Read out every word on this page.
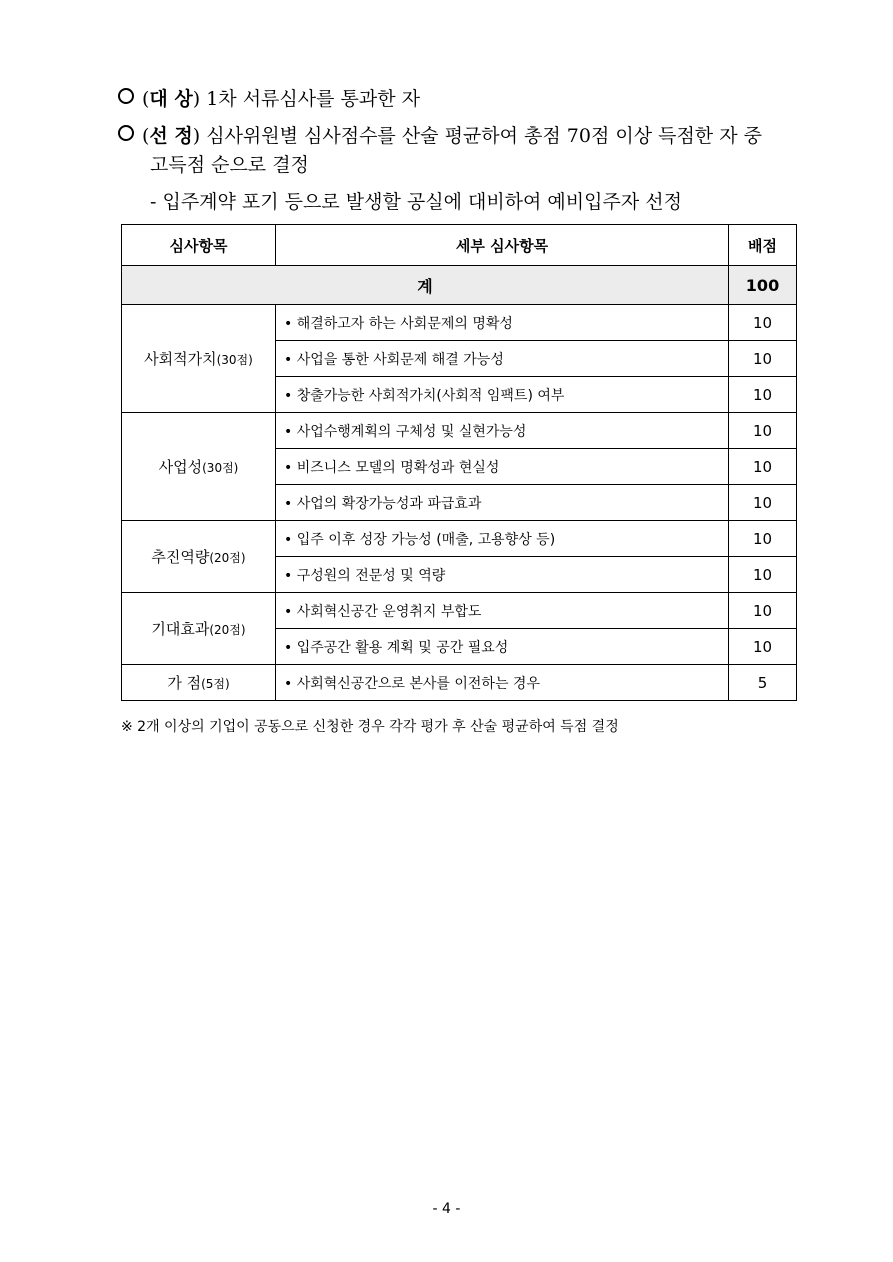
(대 상) 1차 서류심사를 통과한 자
(선 정) 심사위원별 심사점수를 산술 평균하여 총점 70점 이상 득점한 자 중
고득점 순으로 결정
- 입주계약 포기 등으로 발생할 공실에 대비하여 예비입주자 선정
심사항목	세부 심사항목	배점
계		100
사회적가치(30점)	• 해결하고자 하는 사회문제의 명확성	10
	• 사업을 통한 사회문제 해결 가능성	10
	• 창출가능한 사회적가치(사회적 임팩트) 여부	10
사업성(30점)	• 사업수행계획의 구체성 및 실현가능성	10
	• 비즈니스 모델의 명확성과 현실성	10
	• 사업의 확장가능성과 파급효과	10
추진역량(20점)	• 입주 이후 성장 가능성 (매출, 고용향상 등)	10
	• 구성원의 전문성 및 역량	10
기대효과(20점)	• 사회혁신공간 운영취지 부합도	10
	• 입주공간 활용 계획 및 공간 필요성	10
가 점(5점)	• 사회혁신공간으로 본사를 이전하는 경우	5
※ 2개 이상의 기업이 공동으로 신청한 경우 각각 평가 후 산술 평균하여 득점 결정
- 4 -
